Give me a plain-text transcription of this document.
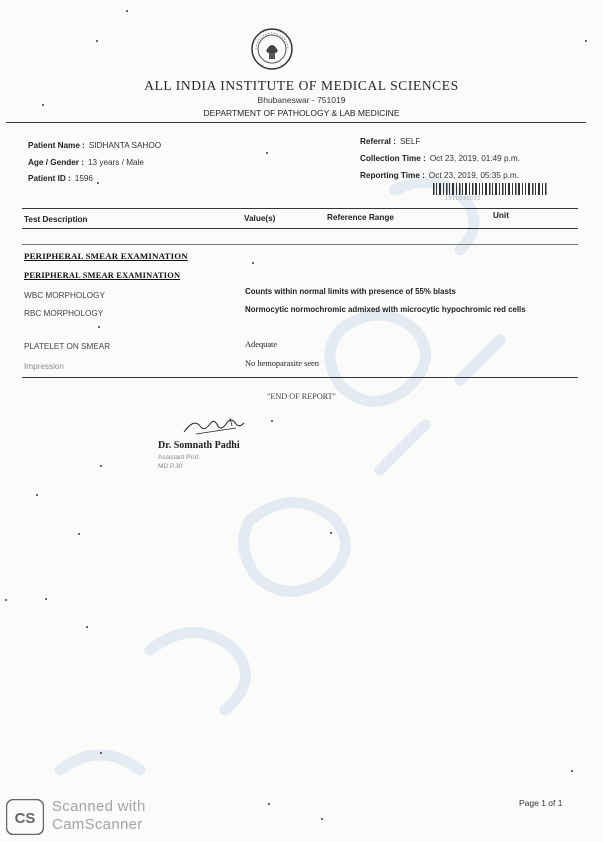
ALL INDIA INSTITUTE OF MEDICAL SCIENCES
Bhubaneswar - 751019
DEPARTMENT OF PATHOLOGY & LAB MEDICINE
Patient Name : SIDHANTA SAHOO
Age / Gender : 13 years / Male
Patient ID : 1596
Referral : SELF
Collection Time : Oct 23, 2019, 01:49 p.m.
Reporting Time : Oct 23, 2019, 05:35 p.m.
1910230033
Test Description	Value(s)	Reference Range	Unit
PERIPHERAL SMEAR EXAMINATION
PERIPHERAL SMEAR EXAMINATION
WBC MORPHOLOGY	Counts within normal limits with presence of 55% blasts
RBC MORPHOLOGY	Normocytic normochromic admixed with microcytic hypochromic red cells
PLATELET ON SMEAR	Adequate
Impression	No hemoparasite seen
"END OF REPORT"
Dr. Somnath Padhi
Assistant Prof.
MD P.30
CS
Scanned with
CamScanner
Page 1 of 1
